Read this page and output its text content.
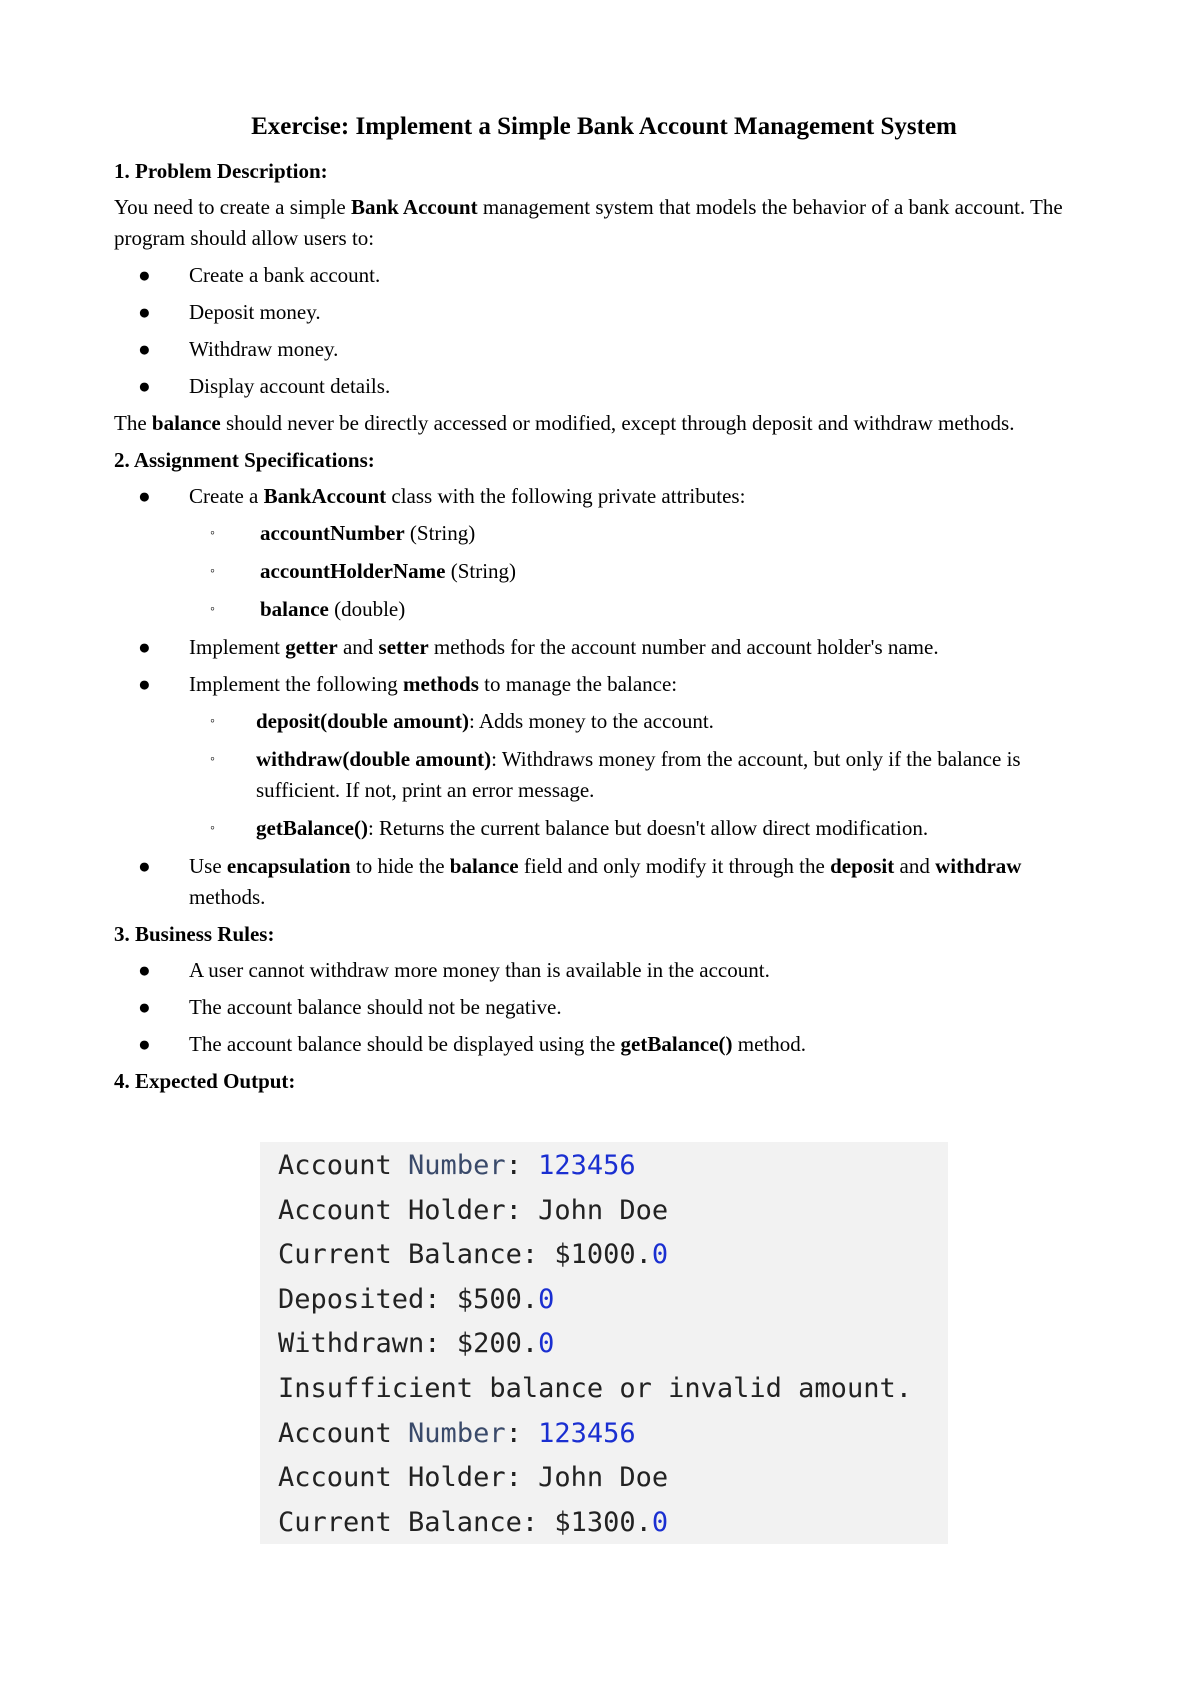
Exercise: Implement a Simple Bank Account Management System
1. Problem Description:
You need to create a simple Bank Account management system that models the behavior of a bank account. The program should allow users to:
● Create a bank account.
● Deposit money.
● Withdraw money.
● Display account details.
The balance should never be directly accessed or modified, except through deposit and withdraw methods.
2. Assignment Specifications:
● Create a BankAccount class with the following private attributes:
◦ accountNumber (String)
◦ accountHolderName (String)
◦ balance (double)
● Implement getter and setter methods for the account number and account holder's name.
● Implement the following methods to manage the balance:
◦ deposit(double amount): Adds money to the account.
◦ withdraw(double amount): Withdraws money from the account, but only if the balance is sufficient. If not, print an error message.
◦ getBalance(): Returns the current balance but doesn't allow direct modification.
● Use encapsulation to hide the balance field and only modify it through the deposit and withdraw methods.
3. Business Rules:
● A user cannot withdraw more money than is available in the account.
● The account balance should not be negative.
● The account balance should be displayed using the getBalance() method.
4. Expected Output:
Account Number: 123456
Account Holder: John Doe
Current Balance: $1000.0
Deposited: $500.0
Withdrawn: $200.0
Insufficient balance or invalid amount.
Account Number: 123456
Account Holder: John Doe
Current Balance: $1300.0
